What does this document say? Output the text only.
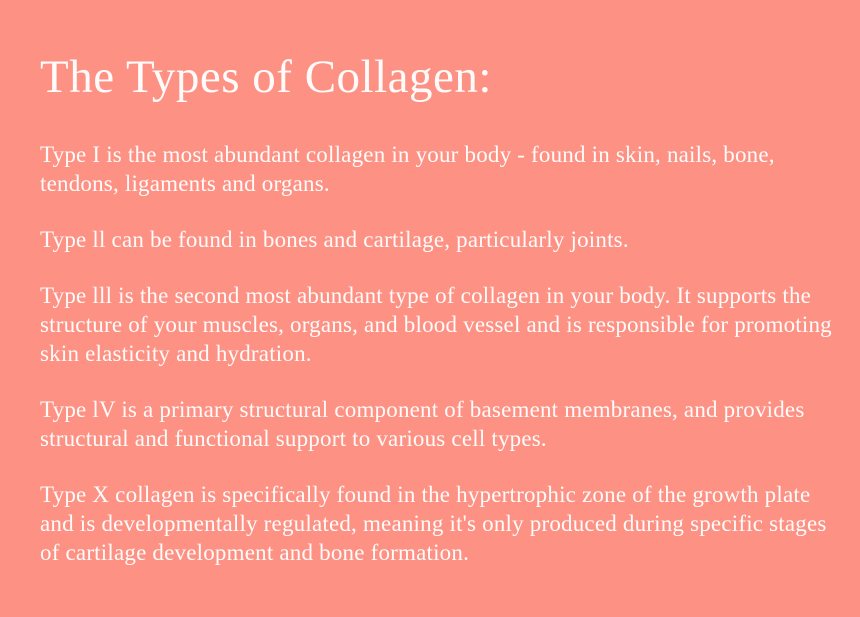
The Types of Collagen:

Type I is the most abundant collagen in your body - found in skin, nails, bone, tendons, ligaments and organs.

Type ll can be found in bones and cartilage, particularly joints.

Type lll is the second most abundant type of collagen in your body. It supports the structure of your muscles, organs, and blood vessel and is responsible for promoting skin elasticity and hydration.

Type lV is a primary structural component of basement membranes, and provides structural and functional support to various cell types.

Type X collagen is specifically found in the hypertrophic zone of the growth plate and is developmentally regulated, meaning it's only produced during specific stages of cartilage development and bone formation.
